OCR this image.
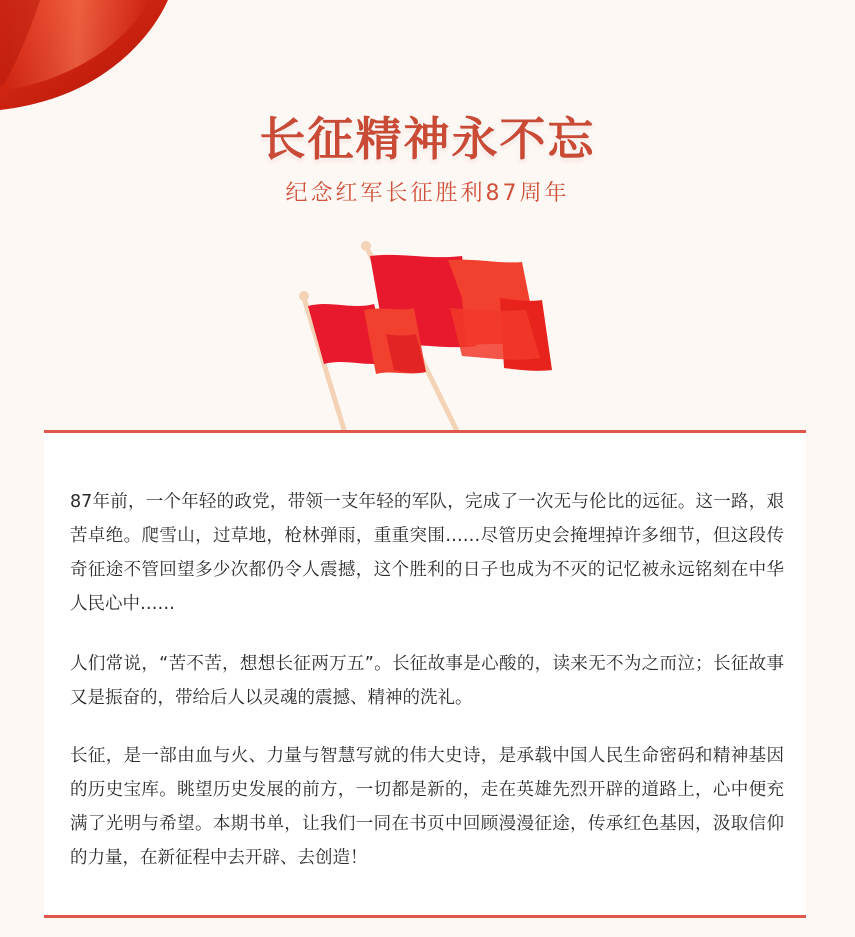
长征精神永不忘
纪念红军长征胜利87周年

87年前，一个年轻的政党，带领一支年轻的军队，完成了一次无与伦比的远征。这一路，艰苦卓绝。爬雪山，过草地，枪林弹雨，重重突围……尽管历史会掩埋掉许多细节，但这段传奇征途不管回望多少次都仍令人震撼，这个胜利的日子也成为不灭的记忆被永远铭刻在中华人民心中……

人们常说，“苦不苦，想想长征两万五”。长征故事是心酸的，读来无不为之而泣；长征故事又是振奋的，带给后人以灵魂的震撼、精神的洗礼。

长征，是一部由血与火、力量与智慧写就的伟大史诗，是承载中国人民生命密码和精神基因的历史宝库。眺望历史发展的前方，一切都是新的，走在英雄先烈开辟的道路上，心中便充满了光明与希望。本期书单，让我们一同在书页中回顾漫漫征途，传承红色基因，汲取信仰的力量，在新征程中去开辟、去创造！
